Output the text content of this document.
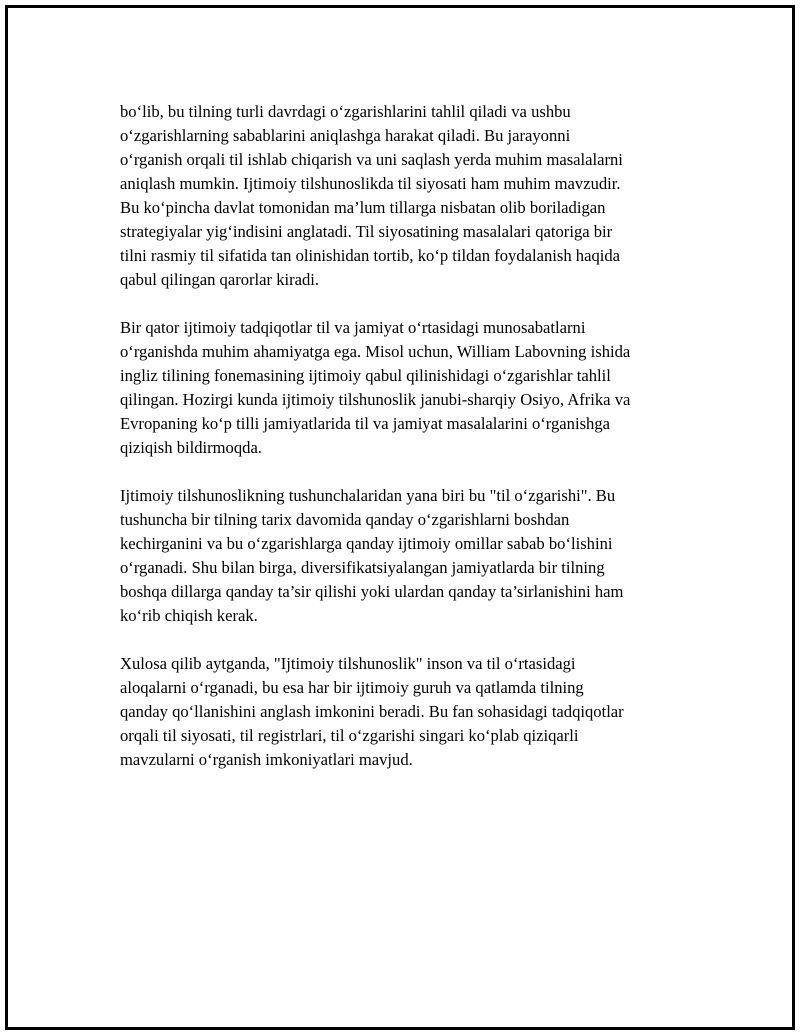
bo‘lib, bu tilning turli davrdagi o‘zgarishlarini tahlil qiladi va ushbu
o‘zgarishlarning sabablarini aniqlashga harakat qiladi. Bu jarayonni
o‘rganish orqali til ishlab chiqarish va uni saqlash yerda muhim masalalarni
aniqlash mumkin. Ijtimoiy tilshunoslikda til siyosati ham muhim mavzudir.
Bu ko‘pincha davlat tomonidan ma’lum tillarga nisbatan olib boriladigan
strategiyalar yig‘indisini anglatadi. Til siyosatining masalalari qatoriga bir
tilni rasmiy til sifatida tan olinishidan tortib, ko‘p tildan foydalanish haqida
qabul qilingan qarorlar kiradi.

Bir qator ijtimoiy tadqiqotlar til va jamiyat o‘rtasidagi munosabatlarni
o‘rganishda muhim ahamiyatga ega. Misol uchun, William Labovning ishida
ingliz tilining fonemasining ijtimoiy qabul qilinishidagi o‘zgarishlar tahlil
qilingan. Hozirgi kunda ijtimoiy tilshunoslik janubi-sharqiy Osiyo, Afrika va
Evropaning ko‘p tilli jamiyatlarida til va jamiyat masalalarini o‘rganishga
qiziqish bildirmoqda.

Ijtimoiy tilshunoslikning tushunchalaridan yana biri bu "til o‘zgarishi". Bu
tushuncha bir tilning tarix davomida qanday o‘zgarishlarni boshdan
kechirganini va bu o‘zgarishlarga qanday ijtimoiy omillar sabab bo‘lishini
o‘rganadi. Shu bilan birga, diversifikatsiyalangan jamiyatlarda bir tilning
boshqa dillarga qanday ta’sir qilishi yoki ulardan qanday ta’sirlanishini ham
ko‘rib chiqish kerak.

Xulosa qilib aytganda, "Ijtimoiy tilshunoslik" inson va til o‘rtasidagi
aloqalarni o‘rganadi, bu esa har bir ijtimoiy guruh va qatlamda tilning
qanday qo‘llanishini anglash imkonini beradi. Bu fan sohasidagi tadqiqotlar
orqali til siyosati, til registrlari, til o‘zgarishi singari ko‘plab qiziqarli
mavzularni o‘rganish imkoniyatlari mavjud.
